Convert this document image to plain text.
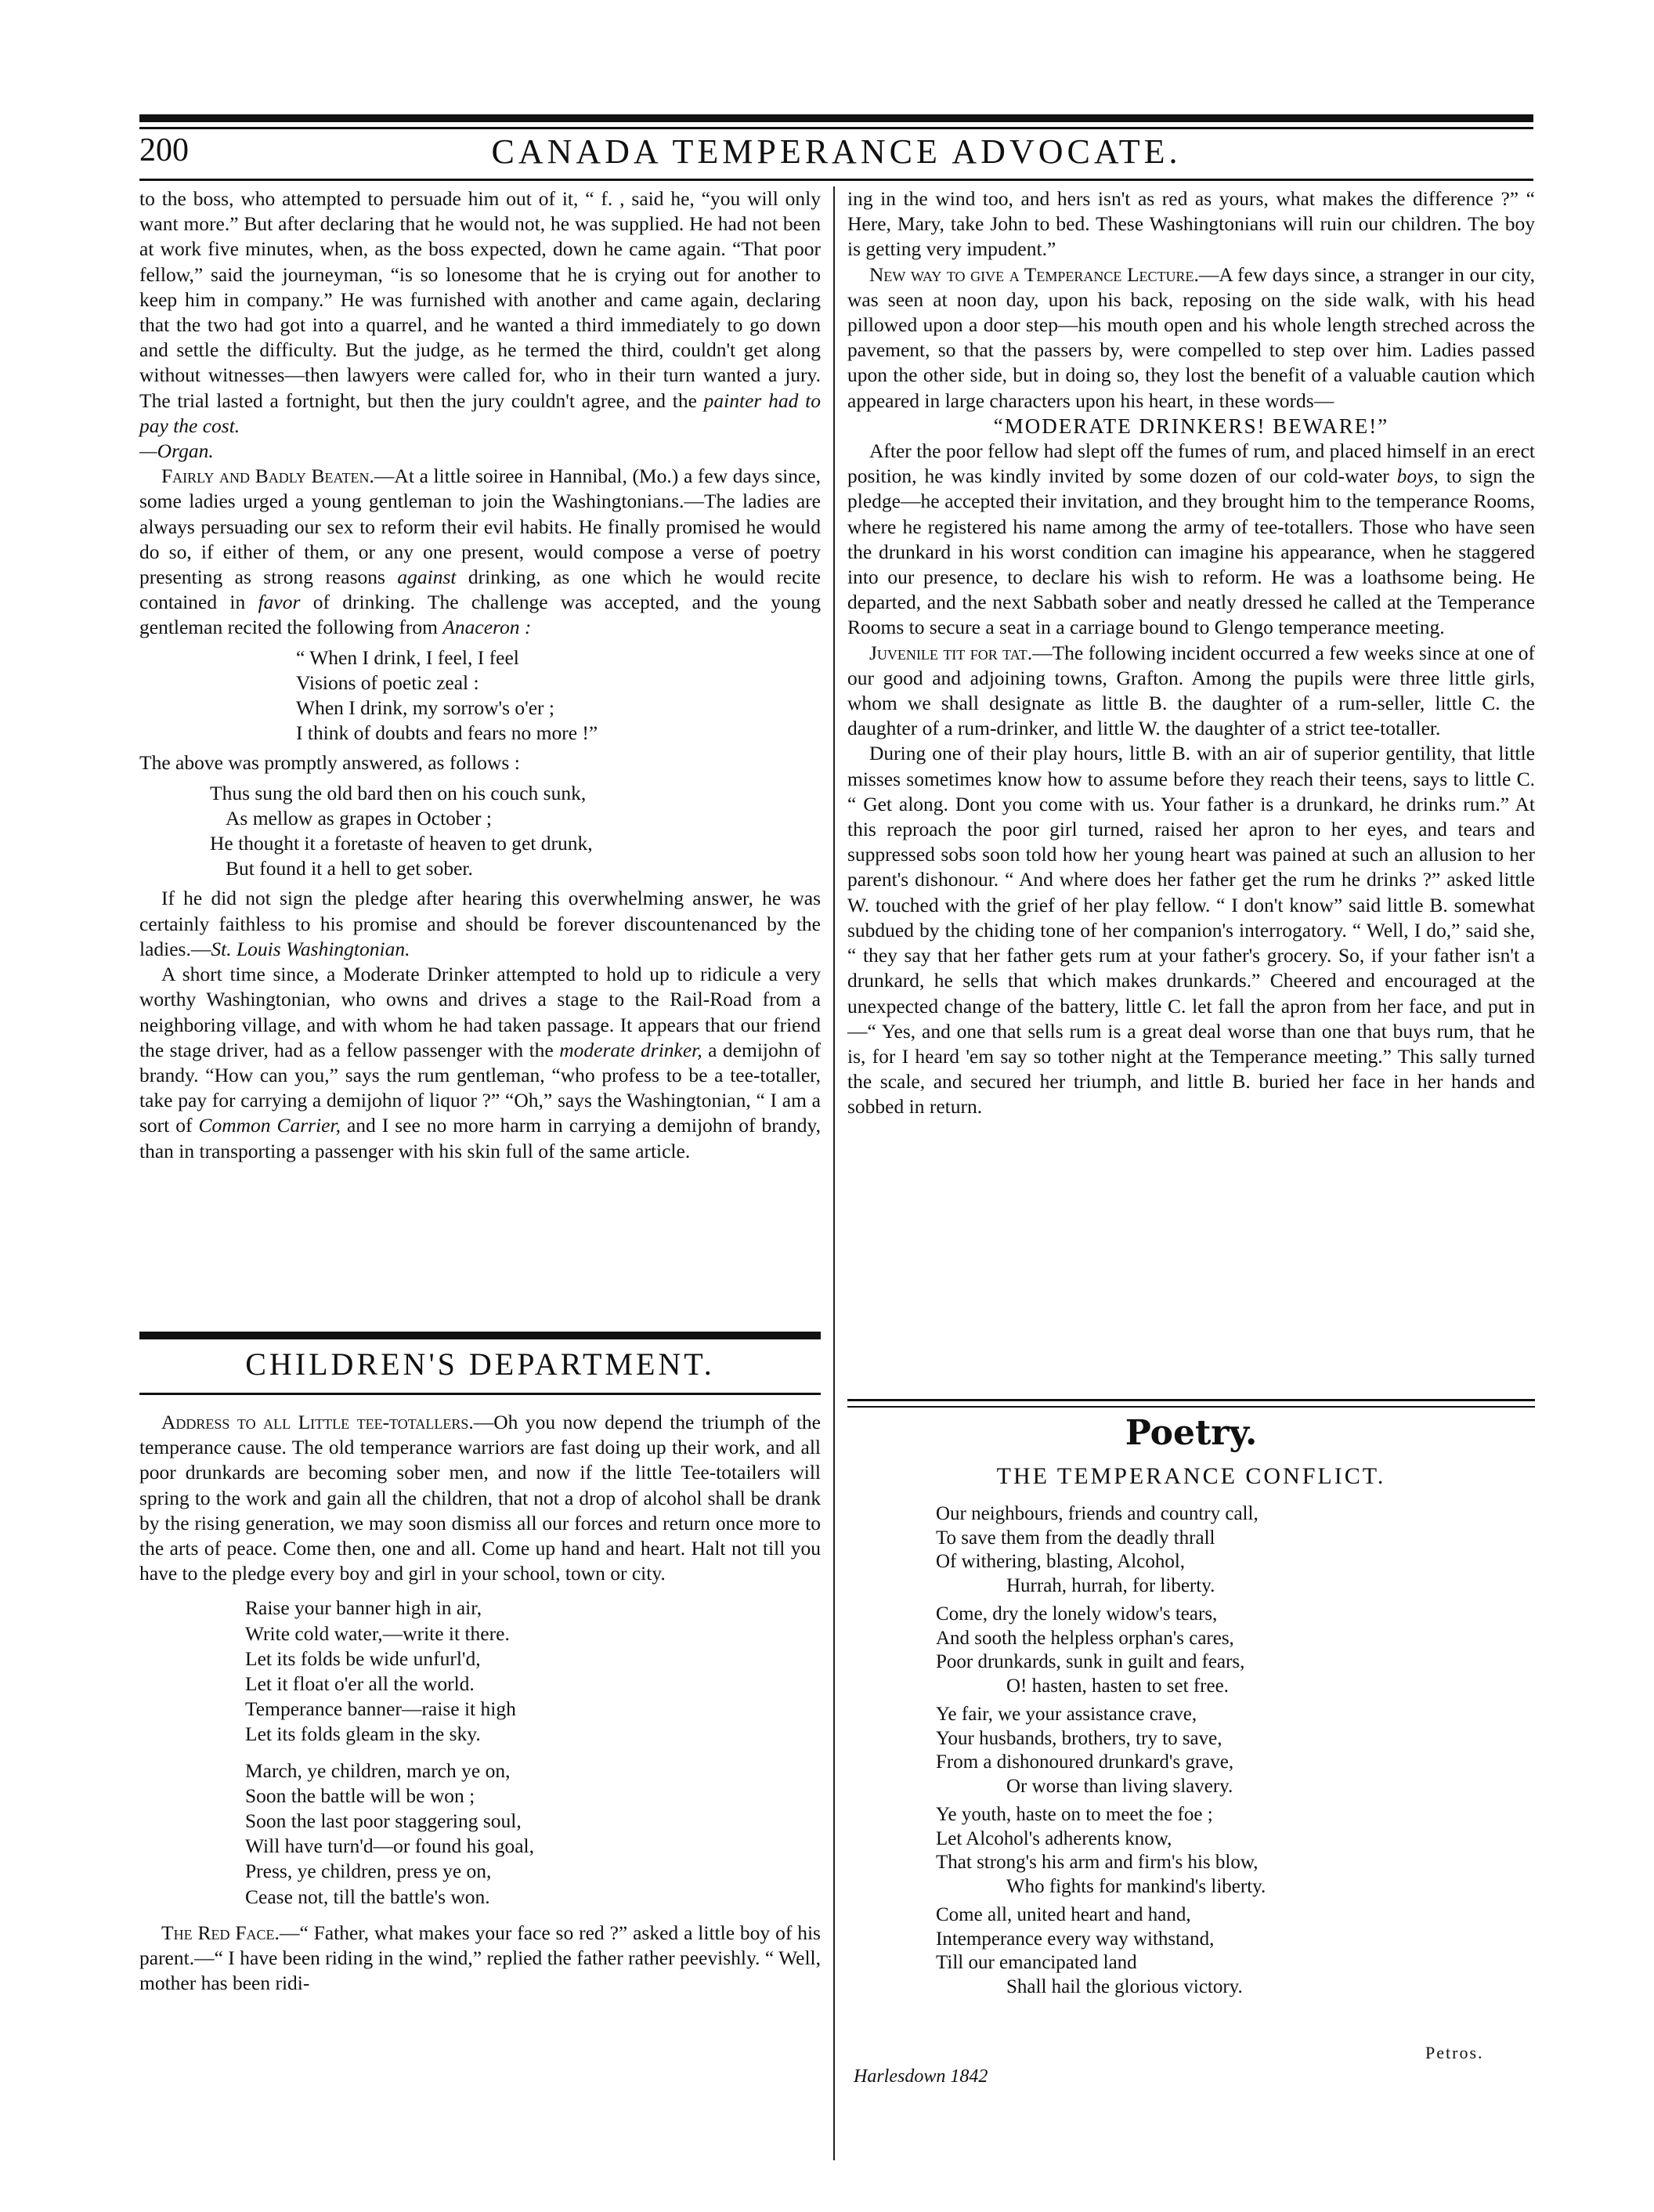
200	CANADA TEMPERANCE ADVOCATE.

to the boss, who attempted to persuade him out of it, “ f. , said he, “you will only want more.” But after declaring that he would not, he was supplied. He had not been at work five minutes, when, as the boss expected, down he came again. “That poor fellow,” said the journeyman, “is so lonesome that he is crying out for another to keep him in company.” He was furnished with another and came again, declaring that the two had got into a quarrel, and he wanted a third immediately to go down and settle the difficulty. But the judge, as he termed the third, couldn't get along without witnesses—then lawyers were called for, who in their turn wanted a jury. The trial lasted a fortnight, but then the jury couldn't agree, and the painter had to pay the cost.
—Organ.

Fairly and Badly Beaten.—At a little soiree in Hannibal, (Mo.) a few days since, some ladies urged a young gentleman to join the Washingtonians.—The ladies are always persuading our sex to reform their evil habits. He finally promised he would do so, if either of them, or any one present, would compose a verse of poetry presenting as strong reasons against drinking, as one which he would recite contained in favor of drinking. The challenge was accepted, and the young gentleman recited the following from Anaceron :

“ When I drink, I feel, I feel
Visions of poetic zeal :
When I drink, my sorrow's o'er ;
I think of doubts and fears no more !”

The above was promptly answered, as follows :

Thus sung the old bard then on his couch sunk,
As mellow as grapes in October ;
He thought it a foretaste of heaven to get drunk,
But found it a hell to get sober.

If he did not sign the pledge after hearing this overwhelming answer, he was certainly faithless to his promise and should be forever discountenanced by the ladies.—St. Louis Washingtonian.

A short time since, a Moderate Drinker attempted to hold up to ridicule a very worthy Washingtonian, who owns and drives a stage to the Rail-Road from a neighboring village, and with whom he had taken passage. It appears that our friend the stage driver, had as a fellow passenger with the moderate drinker, a demijohn of brandy. “How can you,” says the rum gentleman, “who profess to be a tee-totaller, take pay for carrying a demijohn of liquor ?” “Oh,” says the Washingtonian, “ I am a sort of Common Carrier, and I see no more harm in carrying a demijohn of brandy, than in transporting a passenger with his skin full of the same article.

CHILDREN'S DEPARTMENT.

Address to all Little tee-totallers.—Oh you now depend the triumph of the temperance cause. The old temperance warriors are fast doing up their work, and all poor drunkards are becoming sober men, and now if the little Tee-totailers will spring to the work and gain all the children, that not a drop of alcohol shall be drank by the rising generation, we may soon dismiss all our forces and return once more to the arts of peace. Come then, one and all. Come up hand and heart. Halt not till you have to the pledge every boy and girl in your school, town or city.

Raise your banner high in air,
Write cold water,—write it there.
Let its folds be wide unfurl'd,
Let it float o'er all the world.
Temperance banner—raise it high
Let its folds gleam in the sky.
March, ye children, march ye on,
Soon the battle will be won ;
Soon the last poor staggering soul,
Will have turn'd—or found his goal,
Press, ye children, press ye on,
Cease not, till the battle's won.

The Red Face.—“ Father, what makes your face so red ?” asked a little boy of his parent.—“ I have been riding in the wind,” replied the father rather peevishly. “ Well, mother has been ridi-

ing in the wind too, and hers isn't as red as yours, what makes the difference ?” “ Here, Mary, take John to bed. These Washingtonians will ruin our children. The boy is getting very impudent.”

New way to give a Temperance Lecture.—A few days since, a stranger in our city, was seen at noon day, upon his back, reposing on the side walk, with his head pillowed upon a door step—his mouth open and his whole length streched across the pavement, so that the passers by, were compelled to step over him. Ladies passed upon the other side, but in doing so, they lost the benefit of a valuable caution which appeared in large characters upon his heart, in these words—

“MODERATE DRINKERS! BEWARE!”

After the poor fellow had slept off the fumes of rum, and placed himself in an erect position, he was kindly invited by some dozen of our cold-water boys, to sign the pledge—he accepted their invitation, and they brought him to the temperance Rooms, where he registered his name among the army of tee-totallers. Those who have seen the drunkard in his worst condition can imagine his appearance, when he staggered into our presence, to declare his wish to reform. He was a loathsome being. He departed, and the next Sabbath sober and neatly dressed he called at the Temperance Rooms to secure a seat in a carriage bound to Glengo temperance meeting.

Juvenile tit for tat.—The following incident occurred a few weeks since at one of our good and adjoining towns, Grafton. Among the pupils were three little girls, whom we shall designate as little B. the daughter of a rum-seller, little C. the daughter of a rum-drinker, and little W. the daughter of a strict tee-totaller.

During one of their play hours, little B. with an air of superior gentility, that little misses sometimes know how to assume before they reach their teens, says to little C. “ Get along. Dont you come with us. Your father is a drunkard, he drinks rum.” At this reproach the poor girl turned, raised her apron to her eyes, and tears and suppressed sobs soon told how her young heart was pained at such an allusion to her parent's dishonour. “ And where does her father get the rum he drinks ?” asked little W. touched with the grief of her play fellow. “ I don't know” said little B. somewhat subdued by the chiding tone of her companion's interrogatory. “ Well, I do,” said she, “ they say that her father gets rum at your father's grocery. So, if your father isn't a drunkard, he sells that which makes drunkards.” Cheered and encouraged at the unexpected change of the battery, little C. let fall the apron from her face, and put in—“ Yes, and one that sells rum is a great deal worse than one that buys rum, that he is, for I heard 'em say so tother night at the Temperance meeting.” This sally turned the scale, and secured her triumph, and little B. buried her face in her hands and sobbed in return.

Poetry.
THE TEMPERANCE CONFLICT.
Our neighbours, friends and country call,
To save them from the deadly thrall
Of withering, blasting, Alcohol,
Hurrah, hurrah, for liberty.
Come, dry the lonely widow's tears,
And sooth the helpless orphan's cares,
Poor drunkards, sunk in guilt and fears,
O! hasten, hasten to set free.
Ye fair, we your assistance crave,
Your husbands, brothers, try to save,
From a dishonoured drunkard's grave,
Or worse than living slavery.
Ye youth, haste on to meet the foe ;
Let Alcohol's adherents know,
That strong's his arm and firm's his blow,
Who fights for mankind's liberty.
Come all, united heart and hand,
Intemperance every way withstand,
Till our emancipated land
Shall hail the glorious victory.
Petros.
Harlesdown 1842
